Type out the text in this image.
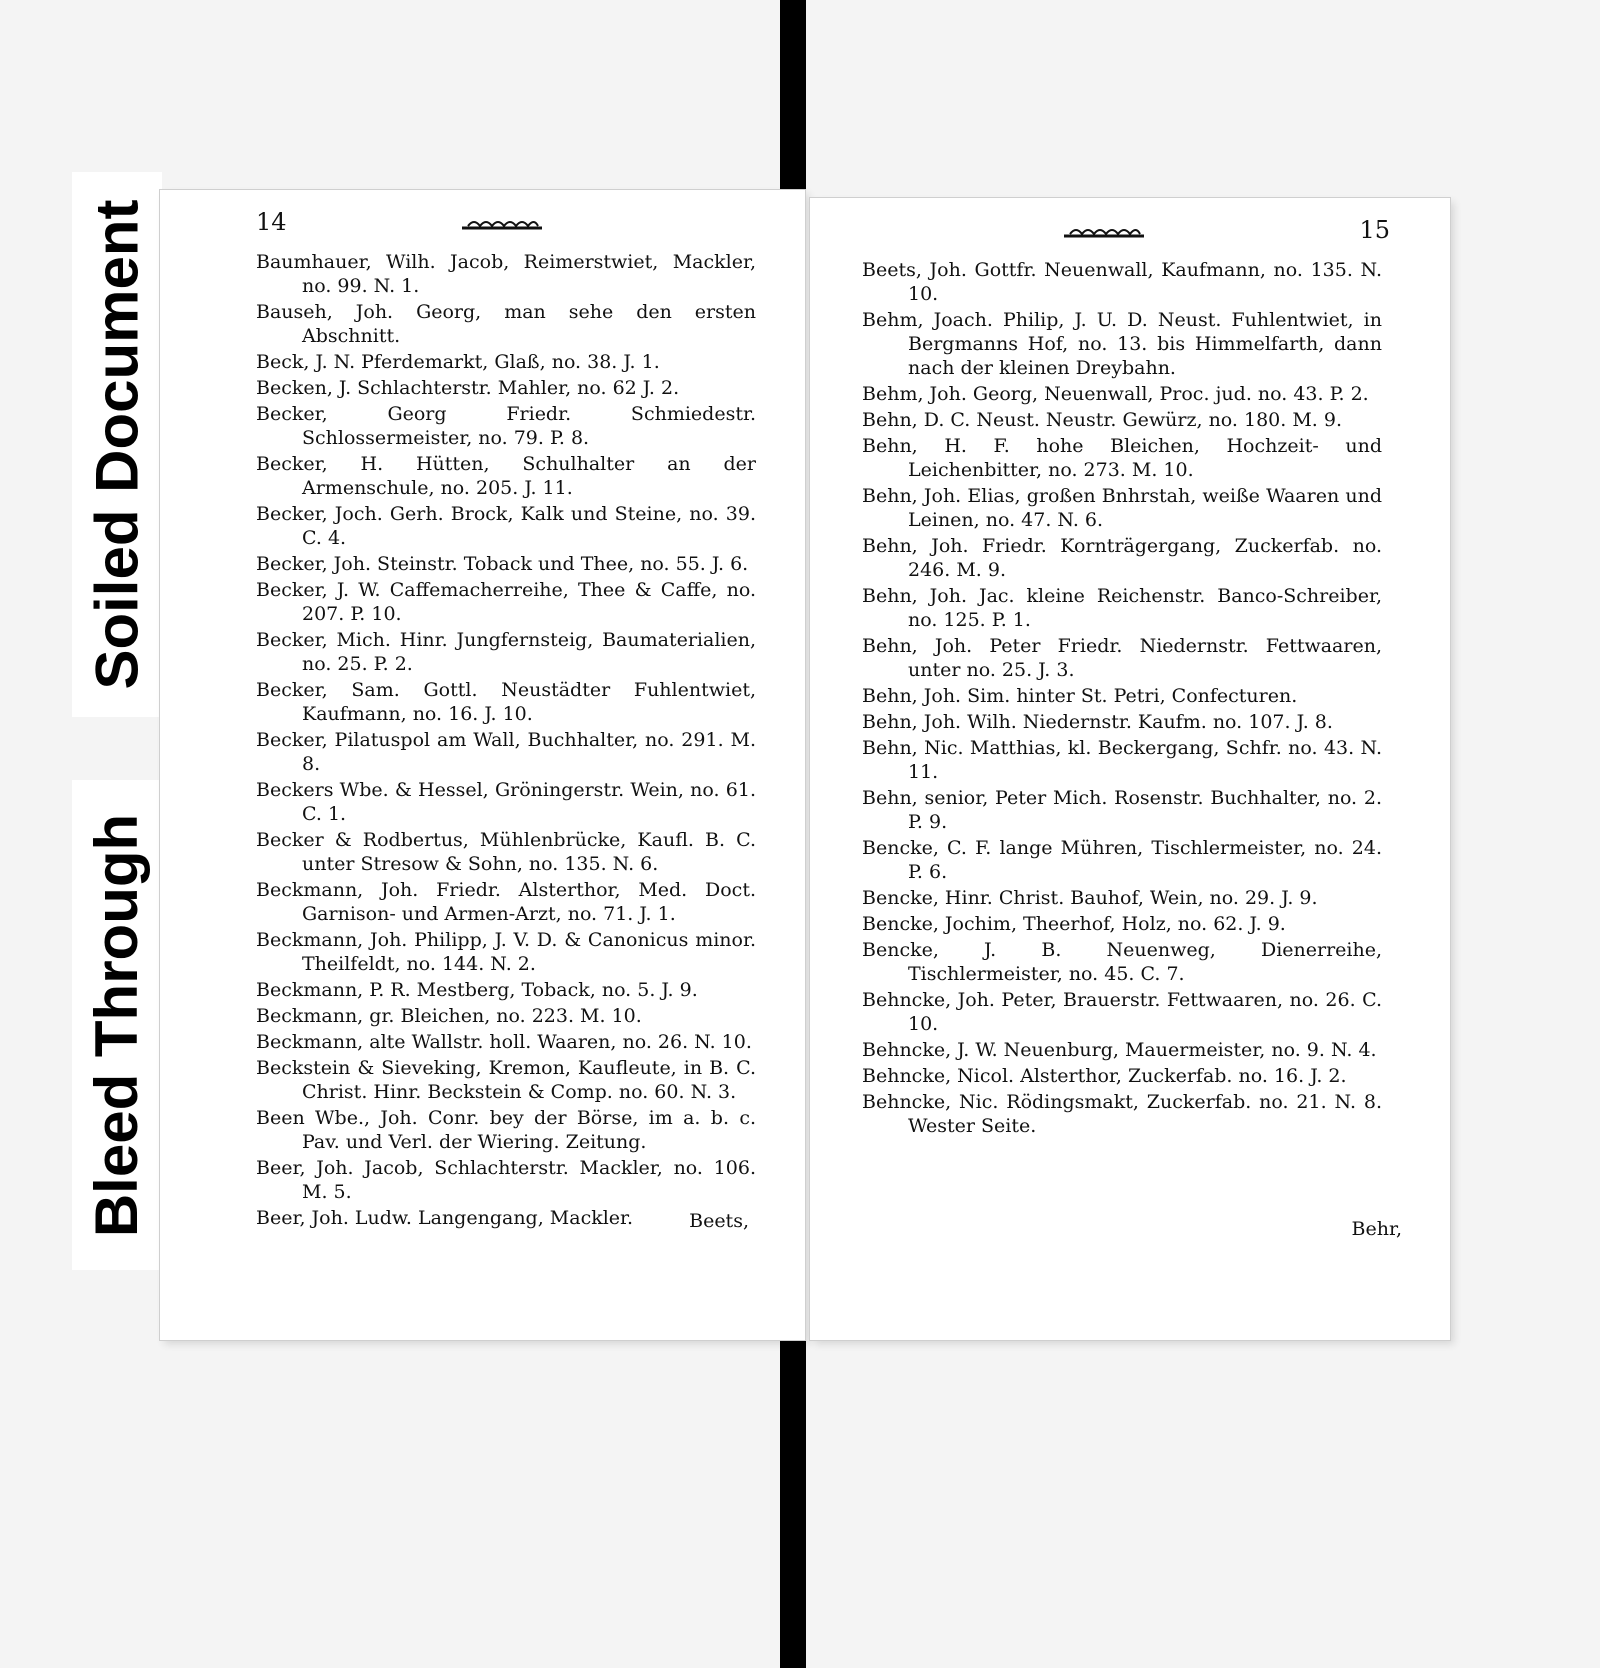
Soiled Document
Bleed Through
14
Baumhauer, Wilh. Jacob, Reimerstwiet, Mackler, no. 99. N. 1.
Bauseh, Joh. Georg, man sehe den ersten Abschnitt.
Beck, J. N. Pferdemarkt, Glaß, no. 38. J. 1.
Becken, J. Schlachterstr. Mahler, no. 62 J. 2.
Becker, Georg Friedr. Schmiedestr. Schlossermeister, no. 79. P. 8.
Becker, H. Hütten, Schulhalter an der Armenschule, no. 205. J. 11.
Becker, Joch. Gerh. Brock, Kalk und Steine, no. 39. C. 4.
Becker, Joh. Steinstr. Toback und Thee, no. 55. J. 6.
Becker, J. W. Caffemacherreihe, Thee & Caffe, no. 207. P. 10.
Becker, Mich. Hinr. Jungfernsteig, Baumaterialien, no. 25. P. 2.
Becker, Sam. Gottl. Neustädter Fuhlentwiet, Kaufmann, no. 16. J. 10.
Becker, Pilatuspol am Wall, Buchhalter, no. 291. M. 8.
Beckers Wbe. & Hessel, Gröningerstr. Wein, no. 61. C. 1.
Becker & Rodbertus, Mühlenbrücke, Kaufl. B. C. unter Stresow & Sohn, no. 135. N. 6.
Beckmann, Joh. Friedr. Alsterthor, Med. Doct. Garnison- und Armen-Arzt, no. 71. J. 1.
Beckmann, Joh. Philipp, J. V. D. & Canonicus minor. Theilfeldt, no. 144. N. 2.
Beckmann, P. R. Mestberg, Toback, no. 5. J. 9.
Beckmann, gr. Bleichen, no. 223. M. 10.
Beckmann, alte Wallstr. holl. Waaren, no. 26. N. 10.
Beckstein & Sieveking, Kremon, Kaufleute, in B. C. Christ. Hinr. Beckstein & Comp. no. 60. N. 3.
Been Wbe., Joh. Conr. bey der Börse, im a. b. c. Pav. und Verl. der Wiering. Zeitung.
Beer, Joh. Jacob, Schlachterstr. Mackler, no. 106. M. 5.
Beer, Joh. Ludw. Langengang, Mackler.	Beets,
15
Beets, Joh. Gottfr. Neuenwall, Kaufmann, no. 135. N. 10.
Behm, Joach. Philip, J. U. D. Neust. Fuhlentwiet, in Bergmanns Hof, no. 13. bis Himmelfarth, dann nach der kleinen Dreybahn.
Behm, Joh. Georg, Neuenwall, Proc. jud. no. 43. P. 2.
Behn, D. C. Neust. Neustr. Gewürz, no. 180. M. 9.
Behn, H. F. hohe Bleichen, Hochzeit- und Leichenbitter, no. 273. M. 10.
Behn, Joh. Elias, großen Bnhrstah, weiße Waaren und Leinen, no. 47. N. 6.
Behn, Joh. Friedr. Kornträgergang, Zuckerfab. no. 246. M. 9.
Behn, Joh. Jac. kleine Reichenstr. Banco-Schreiber, no. 125. P. 1.
Behn, Joh. Peter Friedr. Niedernstr. Fettwaaren, unter no. 25. J. 3.
Behn, Joh. Sim. hinter St. Petri, Confecturen.
Behn, Joh. Wilh. Niedernstr. Kaufm. no. 107. J. 8.
Behn, Nic. Matthias, kl. Beckergang, Schfr. no. 43. N. 11.
Behn, senior, Peter Mich. Rosenstr. Buchhalter, no. 2. P. 9.
Bencke, C. F. lange Mühren, Tischlermeister, no. 24. P. 6.
Bencke, Hinr. Christ. Bauhof, Wein, no. 29. J. 9.
Bencke, Jochim, Theerhof, Holz, no. 62. J. 9.
Bencke, J. B. Neuenweg, Dienerreihe, Tischlermeister, no. 45. C. 7.
Behncke, Joh. Peter, Brauerstr. Fettwaaren, no. 26. C. 10.
Behncke, J. W. Neuenburg, Mauermeister, no. 9. N. 4.
Behncke, Nicol. Alsterthor, Zuckerfab. no. 16. J. 2.
Behncke, Nic. Rödingsmakt, Zuckerfab. no. 21. N. 8. Wester Seite.
Behr,
